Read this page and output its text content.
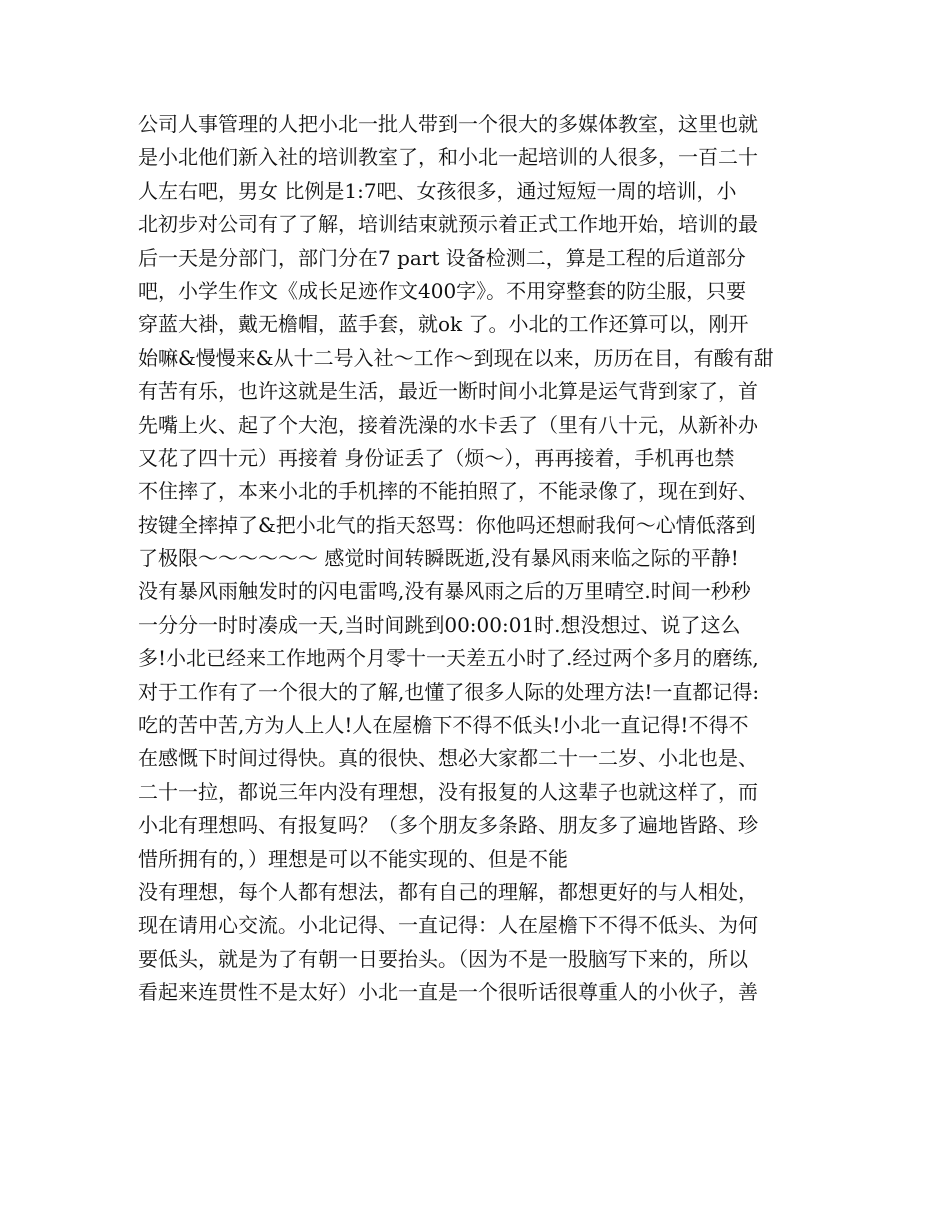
公司人事管理的人把小北一批人带到一个很大的多媒体教室，这里也就
是小北他们新入社的培训教室了，和小北一起培训的人很多，一百二十
人左右吧，男女 比例是1:7吧、女孩很多，通过短短一周的培训，小
北初步对公司有了了解，培训结束就预示着正式工作地开始，培训的最
后一天是分部门，部门分在7 part 设备检测二，算是工程的后道部分
吧，小学生作文《成长足迹作文400字》。不用穿整套的防尘服，只要
穿蓝大褂，戴无檐帽，蓝手套，就ok 了。小北的工作还算可以，刚开
始嘛&慢慢来&从十二号入社～工作～到现在以来，历历在目，有酸有甜
有苦有乐，也许这就是生活，最近一断时间小北算是运气背到家了，首
先嘴上火、起了个大泡，接着洗澡的水卡丢了（里有八十元，从新补办
又花了四十元）再接着 身份证丢了（烦～），再再接着，手机再也禁
不住摔了，本来小北的手机摔的不能拍照了，不能录像了，现在到好、
按键全摔掉了&把小北气的指天怒骂：你他吗还想耐我何～心情低落到
了极限～～～～～～ 感觉时间转瞬既逝,没有暴风雨来临之际的平静!
没有暴风雨触发时的闪电雷鸣,没有暴风雨之后的万里晴空.时间一秒秒
一分分一时时凑成一天,当时间跳到00:00:01时.想没想过、说了这么
多!小北已经来工作地两个月零十一天差五小时了.经过两个多月的磨练,
对于工作有了一个很大的了解,也懂了很多人际的处理方法!一直都记得:
吃的苦中苦,方为人上人!人在屋檐下不得不低头!小北一直记得!不得不
在感慨下时间过得快。真的很快、想必大家都二十一二岁、小北也是、
二十一拉，都说三年内没有理想，没有报复的人这辈子也就这样了，而
小北有理想吗、有报复吗？（多个朋友多条路、朋友多了遍地皆路、珍
惜所拥有的，）理想是可以不能实现的、但是不能
没有理想，每个人都有想法，都有自己的理解，都想更好的与人相处，
现在请用心交流。小北记得、一直记得：人在屋檐下不得不低头、为何
要低头，就是为了有朝一日要抬头。（因为不是一股脑写下来的，所以
看起来连贯性不是太好）小北一直是一个很听话很尊重人的小伙子，善
